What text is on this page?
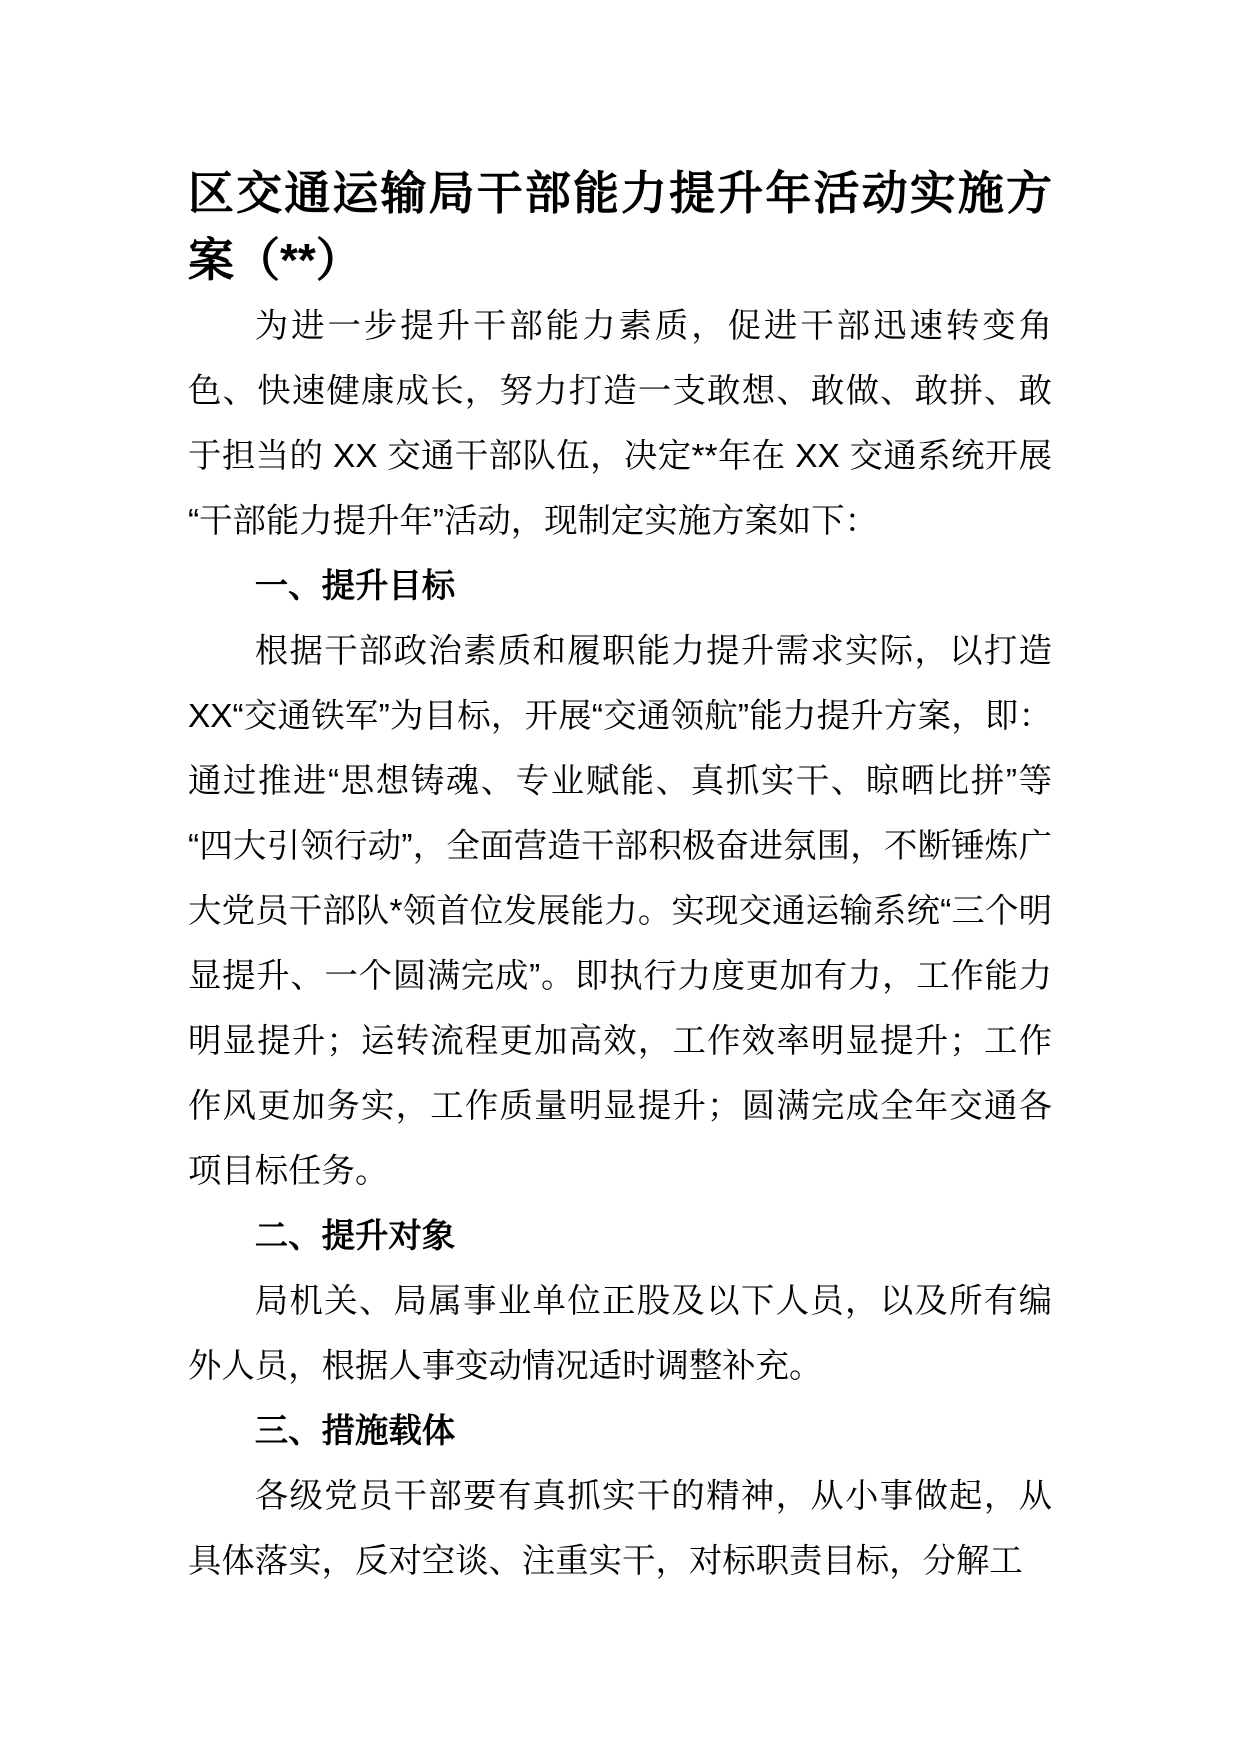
区交通运输局干部能力提升年活动实施方案（**）

为进一步提升干部能力素质，促进干部迅速转变角色、快速健康成长，努力打造一支敢想、敢做、敢拼、敢于担当的 XX 交通干部队伍，决定**年在 XX 交通系统开展“干部能力提升年”活动，现制定实施方案如下：

一、提升目标

根据干部政治素质和履职能力提升需求实际，以打造XX“交通铁军”为目标，开展“交通领航”能力提升方案，即：通过推进“思想铸魂、专业赋能、真抓实干、晾晒比拼”等“四大引领行动”，全面营造干部积极奋进氛围，不断锤炼广大党员干部队*领首位发展能力。实现交通运输系统“三个明显提升、一个圆满完成”。即执行力度更加有力，工作能力明显提升；运转流程更加高效，工作效率明显提升；工作作风更加务实，工作质量明显提升；圆满完成全年交通各项目标任务。

二、提升对象

局机关、局属事业单位正股及以下人员，以及所有编外人员，根据人事变动情况适时调整补充。

三、措施载体

各级党员干部要有真抓实干的精神，从小事做起，从具体落实，反对空谈、注重实干，对标职责目标，分解工
